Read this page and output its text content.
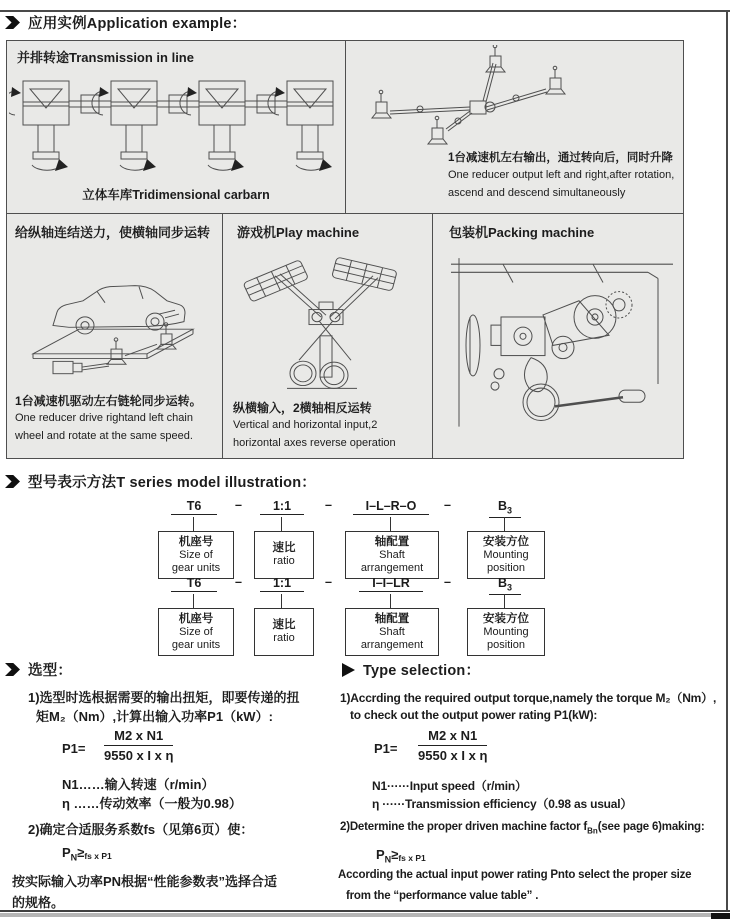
应用实例Application example：
并排转途Transmission in line
立体车库Tridimensional carbarn
1台减速机左右输出，通过转向后，同时升降
One reducer output left and right,after rotation,
ascend and descend simultaneously
给纵轴连结送力，使横轴同步运转
1台减速机驱动左右链轮同步运转。
One reducer drive rightand left chain
wheel and rotate at the same speed.
游戏机Play machine
纵横输入，2横轴相反运转
Vertical and horizontal input,2
horizontal axes reverse operation
包装机Packing machine
型号表示方法T series model illustration：
T6	–	1:1	–	I–L–R–O	–	$B_3$
机座号
Size of
gear units
速比
ratio
轴配置
Shaft
arrangement
安装方位
Mounting
position
T6	–	1:1	–	I–I–LR	–	$B_3$
机座号
Size of
gear units
速比
ratio
轴配置
Shaft
arrangement
安装方位
Mounting
position
选型：
1)选型时选根据需要的输出扭矩，即要传递的扭
矩M₂（Nm）,计算出输入功率P1（kW）:
$P1= \frac{\text{M2 x N1}}{\text{9550 x I x η}}$
N1……输入转速（r/min）
η ……传动效率（一般为0.98）
2)确定合适服务系数fs（见第6页）使：
$P_N\ge fs$ x P1
按实际输入功率PN根据“性能参数表”选择合适
的规格。
Type selection：
1)Accrding the required output torque,namely the torque M₂（Nm）,
to check out the output power rating P1(kW):
$P1= \frac{\text{M2 x N1}}{\text{9550 x I x η}}$
N1······Input speed（r/min）
η ······Transmission efficiency（0.98 as usual）
2)Determine the proper driven machine factor $f_{Bn}(see$ page 6)making:
$P_N\ge fs$ x P1
According the actual input power rating Pnto select the proper size
from the “performance value table” .
